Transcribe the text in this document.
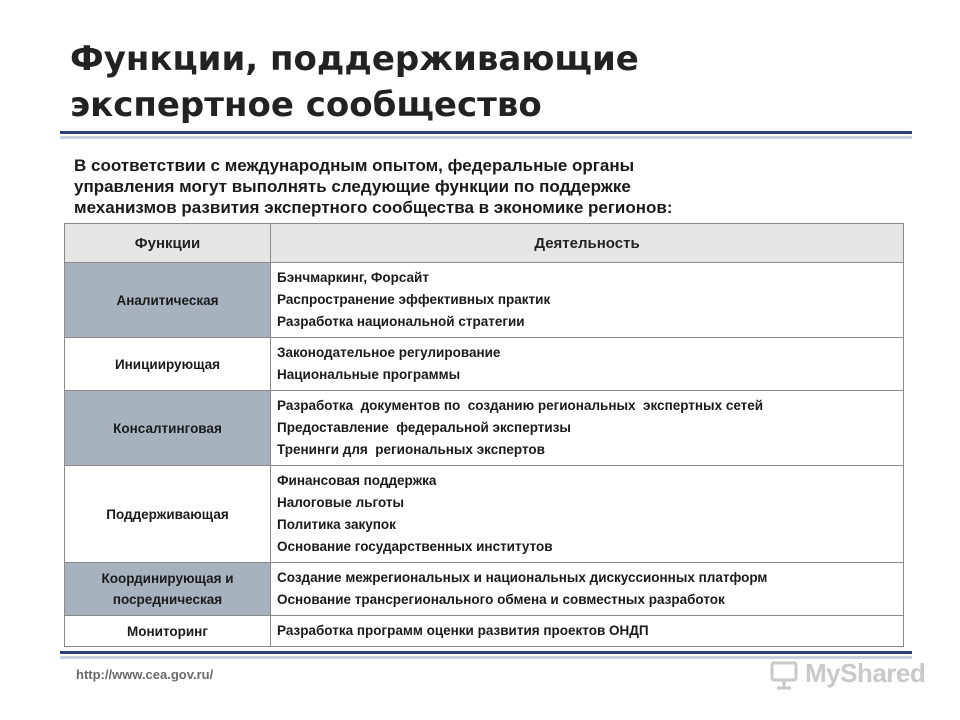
Функции, поддерживающие
экспертное сообщество
В соответствии с международным опытом, федеральные органы
управления могут выполнять следующие функции по поддержке
механизмов развития экспертного сообщества в экономике регионов:
Функции	Деятельность
Аналитическая	Бэнчмаркинг, Форсайт
Распространение эффективных практик
Разработка национальной стратегии

Инициирующая	Законодательное регулирование
Национальные программы

Консалтинговая	Разработка  документов по  созданию региональных  экспертных сетей
Предоставление  федеральной экспертизы
Тренинги для  региональных экспертов

Поддерживающая	Финансовая поддержка
Налоговые льготы
Политика закупок
Основание государственных институтов

Координирующая и посредническая	Создание межрегиональных и национальных дискуссионных платформ
Основание трансрегионального обмена и совместных разработок

Мониторинг	Разработка программ оценки развития проектов ОНДП
http://www.cea.gov.ru/	MyShared
